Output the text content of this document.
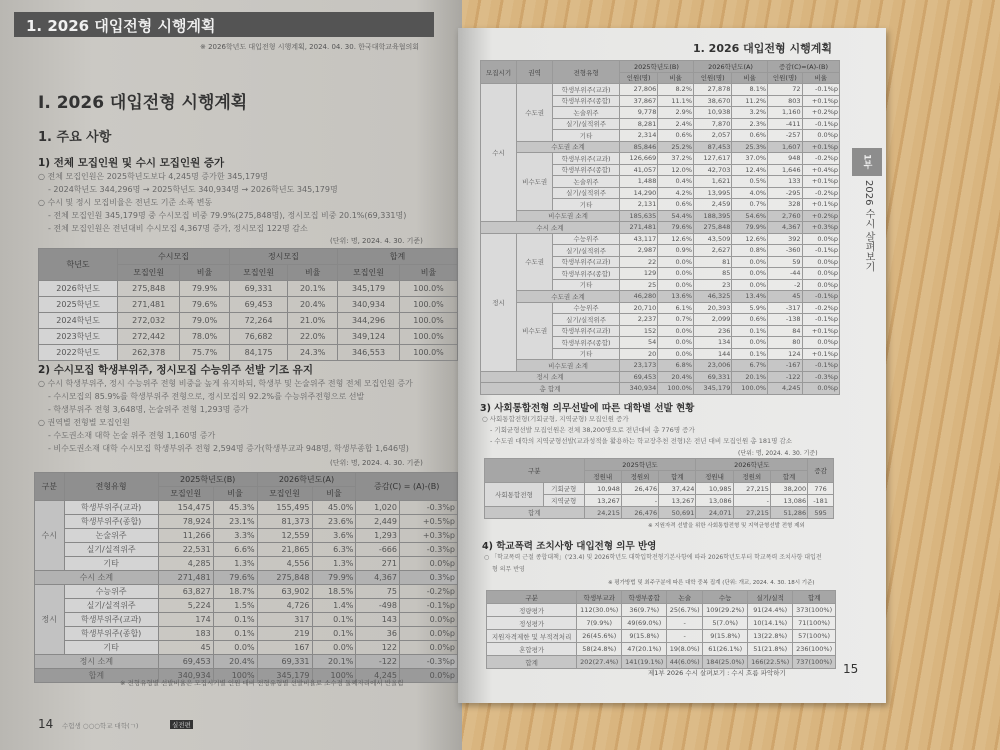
1. 2026 대입전형 시행계획
※ 2026학년도 대입전형 시행계획, 2024. 04. 30. 한국대학교육협의회
Ⅰ. 2026 대입전형 시행계획
1. 주요 사항
1) 전체 모집인원 및 수시 모집인원 증가
○ 전체 모집인원은 2025학년도보다 4,245명 증가한 345,179명
- 2024학년도 344,296명 → 2025학년도 340,934명 → 2026학년도 345,179명
○ 수시 및 정시 모집비율은 전년도 기준 소폭 변동
- 전체 모집인원 345,179명 중 수시모집 비중 79.9%(275,848명), 정시모집 비중 20.1%(69,331명)
- 전체 모집인원은 전년대비 수시모집 4,367명 증가, 정시모집 122명 감소
(단위: 명, 2024. 4. 30. 기준)
학년도	수시모집		정시모집		합계	
	모집인원	비율	모집인원	비율	모집인원	비율
2026학년도	275,848	79.9%	69,331	20.1%	345,179	100.0%
2025학년도	271,481	79.6%	69,453	20.4%	340,934	100.0%
2024학년도	272,032	79.0%	72,264	21.0%	344,296	100.0%
2023학년도	272,442	78.0%	76,682	22.0%	349,124	100.0%
2022학년도	262,378	75.7%	84,175	24.3%	346,553	100.0%
2) 수시모집 학생부위주, 정시모집 수능위주 선발 기조 유지
○ 수시 학생부위주, 정시 수능위주 전형 비중을 높게 유지하되, 학생부 및 논술위주 전형 전체 모집인원 증가
- 수시모집의 85.9%를 학생부위주 전형으로, 정시모집의 92.2%를 수능위주전형으로 선발
- 학생부위주 전형 3,648명, 논술위주 전형 1,293명 증가
○ 권역별 전형별 모집인원
- 수도권소재 대학 논술 위주 전형 1,160명 증가
- 비수도권소재 대학 수시모집 학생부위주 전형 2,594명 증가(학생부교과 948명, 학생부종합 1,646명)
(단위: 명, 2024. 4. 30. 기준)
구분	전형유형	2025학년도(B)		2026학년도(A)		증감(C) = (A)-(B)	
		모집인원	비율	모집인원	비율		
수시	학생부위주(교과)	154,475	45.3%	155,495	45.0%	1,020	-0.3%p
	학생부위주(종합)	78,924	23.1%	81,373	23.6%	2,449	+0.5%p
	논술위주	11,266	3.3%	12,559	3.6%	1,293	+0.3%p
	실기/실적위주	22,531	6.6%	21,865	6.3%	-666	-0.3%p
	기타	4,285	1.3%	4,556	1.3%	271	0.0%p
수시 소계		271,481	79.6%	275,848	79.9%	4,367	0.3%p
정시	수능위주	63,827	18.7%	63,902	18.5%	75	-0.2%p
	실기/실적위주	5,224	1.5%	4,726	1.4%	-498	-0.1%p
	학생부위주(교과)	174	0.1%	317	0.1%	143	0.0%p
	학생부위주(종합)	183	0.1%	219	0.1%	36	0.0%p
	기타	45	0.0%	167	0.0%	122	0.0%p
정시 소계		69,453	20.4%	69,331	20.1%	-122	-0.3%p
합계		340,934	100%	345,179	100%	4,245	0.0%p
※ 전형유형별 선발비율은 모집시기별 인원 대비 전형유형별 선발비율로 소수점 둘째자리에서 반올림
14 수험생 ○○○학교 대학(ㄱ)	실전편
1. 2026 대입전형 시행계획
1부
2026 수시 살펴보기
모집시기	권역	전형유형	2025학년도(B)		2026학년도(A)		증감(C)=(A)-(B)	
			인원(명)	비율	인원(명)	비율	인원(명)	비율
수시	수도권	학생부위주(교과)	27,806	8.2%	27,878	8.1%	72	-0.1%p
		학생부위주(종합)	37,867	11.1%	38,670	11.2%	803	+0.1%p
		논술위주	9,778	2.9%	10,938	3.2%	1,160	+0.2%p
		실기/실적위주	8,281	2.4%	7,870	2.3%	-411	-0.1%p
		기타	2,314	0.6%	2,057	0.6%	-257	0.0%p
	수도권 소계		85,846	25.2%	87,453	25.3%	1,607	+0.1%p
	비수도권	학생부위주(교과)	126,669	37.2%	127,617	37.0%	948	-0.2%p
		학생부위주(종합)	41,057	12.0%	42,703	12.4%	1,646	+0.4%p
		논술위주	1,488	0.4%	1,621	0.5%	133	+0.1%p
		실기/실적위주	14,290	4.2%	13,995	4.0%	-295	-0.2%p
		기타	2,131	0.6%	2,459	0.7%	328	+0.1%p
	비수도권 소계		185,635	54.4%	188,395	54.6%	2,760	+0.2%p
수시 소계			271,481	79.6%	275,848	79.9%	4,367	+0.3%p
정시	수도권	수능위주	43,117	12.6%	43,509	12.6%	392	0.0%p
		실기/실적위주	2,987	0.9%	2,627	0.8%	-360	-0.1%p
		학생부위주(교과)	22	0.0%	81	0.0%	59	0.0%p
		학생부위주(종합)	129	0.0%	85	0.0%	-44	0.0%p
		기타	25	0.0%	23	0.0%	-2	0.0%p
	수도권 소계		46,280	13.6%	46,325	13.4%	45	-0.1%p
	비수도권	수능위주	20,710	6.1%	20,393	5.9%	-317	-0.2%p
		실기/실적위주	2,237	0.7%	2,099	0.6%	-138	-0.1%p
		학생부위주(교과)	152	0.0%	236	0.1%	84	+0.1%p
		학생부위주(종합)	54	0.0%	134	0.0%	80	0.0%p
		기타	20	0.0%	144	0.1%	124	+0.1%p
	비수도권 소계		23,173	6.8%	23,006	6.7%	-167	-0.1%p
정시 소계			69,453	20.4%	69,331	20.1%	-122	-0.3%p
총 합계			340,934	100.0%	345,179	100.0%	4,245	0.0%p
3) 사회통합전형 의무선발에 따른 대학별 선발 현황
○ 사회통합전형(기회균형, 지역균형) 모집인원 증가
- 기회균형선발 모집인원은 전체 38,200명으로 전년대비 총 776명 증가
- 수도권 대학의 지역균형선발(교과성적을 활용하는 학교장추천 전형)은 전년 대비 모집인원 총 181명 감소
(단위: 명, 2024. 4. 30. 기준)
구분		2025학년도			2026학년도			증감
		정원내	정원외	합계	정원내	정원외	합계	
사회통합전형	기회균형	10,948	26,476	37,424	10,985	27,215	38,200	776
	지역균형	13,267	-	13,267	13,086	-	13,086	-181
합계		24,215	26,476	50,691	24,071	27,215	51,286	595
※ 지원자격 선발을 위한 사회통합전형 및 지역균형선발 전형 제외
4) 학교폭력 조치사항 대입전형 의무 반영
○ 「학교폭력 근절 종합대책」('23.4) 및 2026학년도 대학입학전형기본사항에 따라 2026학년도부터 학교폭력 조치사항 대입전
형 의무 반영
※ 평가방법 및 최주구분에 따른 대학 중복 집계 (단위: 개교, 2024. 4. 30. 18시 기준)
구분	학생부교과	학생부종합	논술	수능	실기/실적	합계
정량평가	112(30.0%)	36(9.7%)	25(6.7%)	109(29.2%)	91(24.4%)	373(100%)
정성평가	7(9.9%)	49(69.0%)	-	5(7.0%)	10(14.1%)	71(100%)
지원자격제한 및 부적격처리	26(45.6%)	9(15.8%)	-	9(15.8%)	13(22.8%)	57(100%)
혼합평가	58(24.8%)	47(20.1%)	19(8.0%)	61(26.1%)	51(21.8%)	236(100%)
합계	202(27.4%)	141(19.1%)	44(6.0%)	184(25.0%)	166(22.5%)	737(100%)
제1부 2026 수시 살펴보기 : 수시 흐름 파악하기	15
